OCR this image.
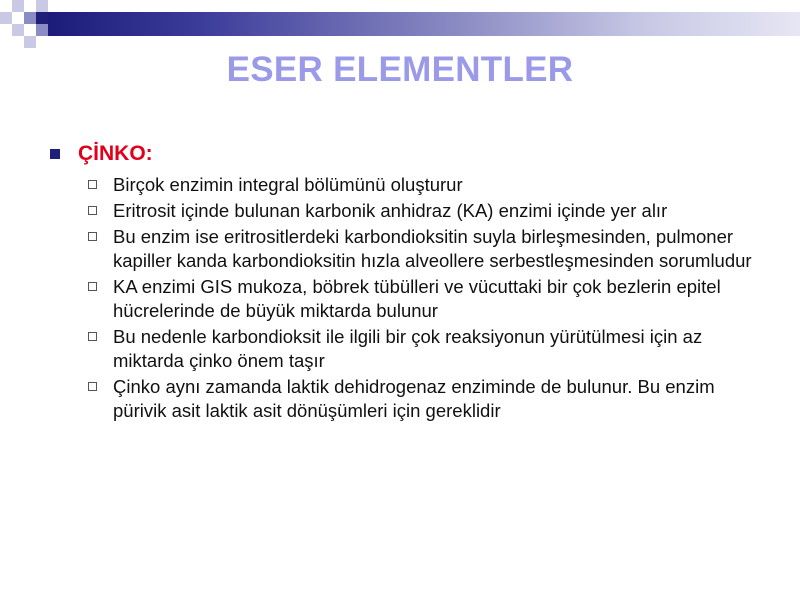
ESER ELEMENTLER
ÇİNKO:
Birçok enzimin integral bölümünü oluşturur
Eritrosit içinde bulunan karbonik anhidraz (KA) enzimi içinde yer alır
Bu enzim ise eritrositlerdeki karbondioksitin suyla birleşmesinden, pulmoner kapiller kanda karbondioksitin hızla alveollere serbestleşmesinden sorumludur
KA enzimi GIS mukoza, böbrek tübülleri ve vücuttaki bir çok bezlerin epitel hücrelerinde de büyük miktarda bulunur
Bu nedenle karbondioksit ile ilgili bir çok reaksiyonun yürütülmesi için az miktarda çinko önem taşır
Çinko aynı zamanda laktik dehidrogenaz enziminde de bulunur. Bu enzim pürivik asit laktik asit dönüşümleri için gereklidir
